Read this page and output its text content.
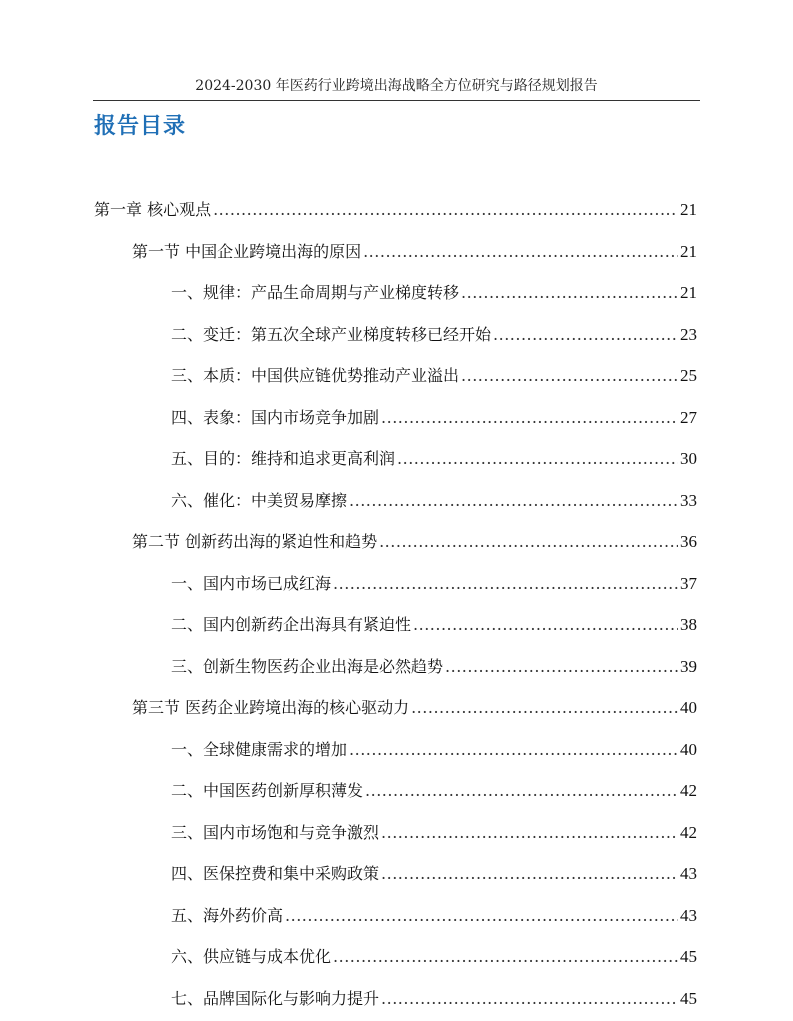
2024-2030 年医药行业跨境出海战略全方位研究与路径规划报告
报告目录
第一章 核心观点 .....	21
第一节 中国企业跨境出海的原因 .....	21
一、规律：产品生命周期与产业梯度转移 .....	21
二、变迁：第五次全球产业梯度转移已经开始 .....	23
三、本质：中国供应链优势推动产业溢出 .....	25
四、表象：国内市场竞争加剧 .....	27
五、目的：维持和追求更高利润 .....	30
六、催化：中美贸易摩擦 .....	33
第二节 创新药出海的紧迫性和趋势 .....	36
一、国内市场已成红海 .....	37
二、国内创新药企出海具有紧迫性 .....	38
三、创新生物医药企业出海是必然趋势 .....	39
第三节 医药企业跨境出海的核心驱动力 .....	40
一、全球健康需求的增加 .....	40
二、中国医药创新厚积薄发 .....	42
三、国内市场饱和与竞争激烈 .....	42
四、医保控费和集中采购政策 .....	43
五、海外药价高 .....	43
六、供应链与成本优化 .....	45
七、品牌国际化与影响力提升 .....	45
